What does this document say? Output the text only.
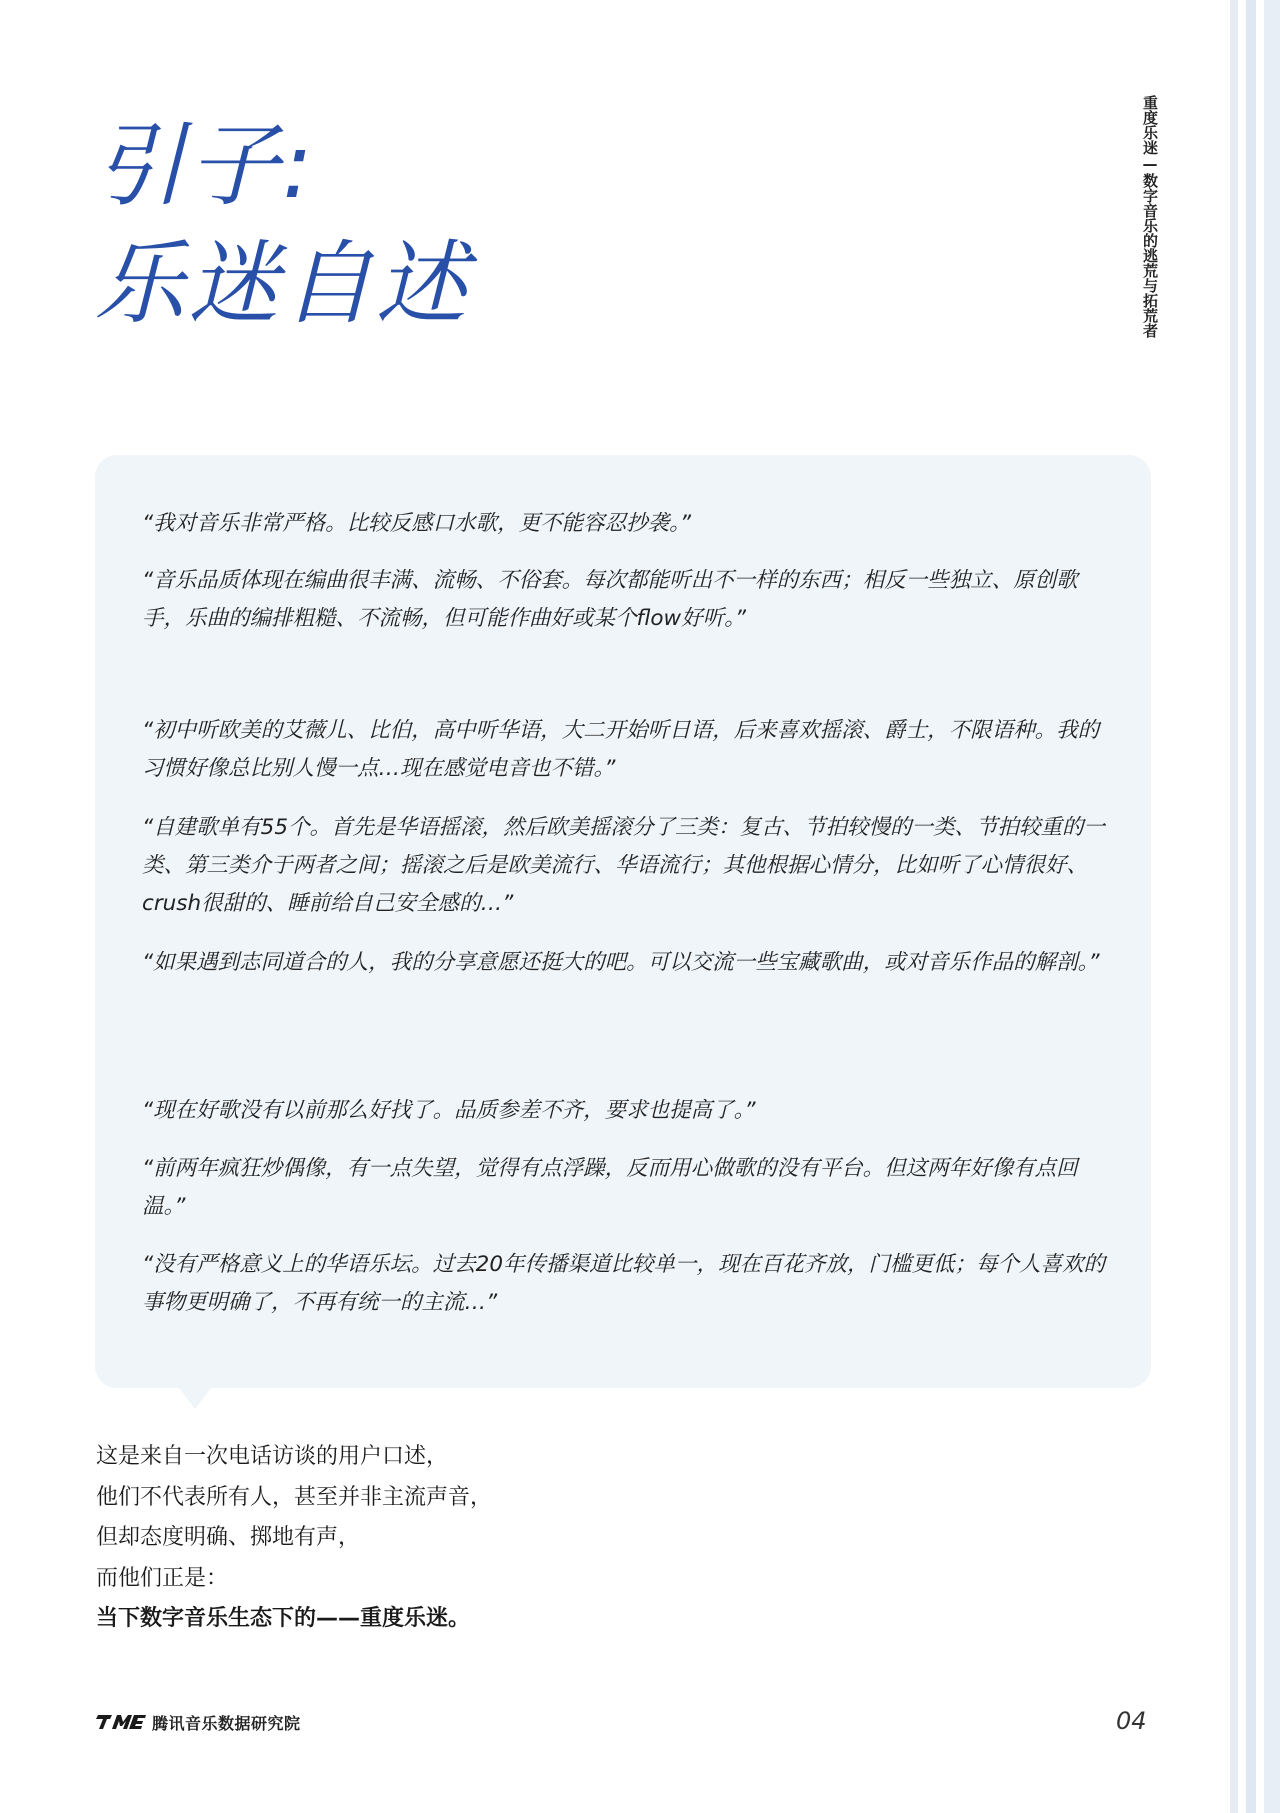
重度乐迷—数字音乐的逃荒与拓荒者
引子:
乐迷自述

“我对音乐非常严格。比较反感口水歌，更不能容忍抄袭。”

“音乐品质体现在编曲很丰满、流畅、不俗套。每次都能听出不一样的东西；相反一些独立、原创歌手，乐曲的编排粗糙、不流畅，但可能作曲好或某个flow好听。”

“初中听欧美的艾薇儿、比伯，高中听华语，大二开始听日语，后来喜欢摇滚、爵士，不限语种。我的习惯好像总比别人慢一点…现在感觉电音也不错。”

“自建歌单有55个。首先是华语摇滚，然后欧美摇滚分了三类：复古、节拍较慢的一类、节拍较重的一类、第三类介于两者之间；摇滚之后是欧美流行、华语流行；其他根据心情分，比如听了心情很好、crush很甜的、睡前给自己安全感的…”

“如果遇到志同道合的人，我的分享意愿还挺大的吧。可以交流一些宝藏歌曲，或对音乐作品的解剖。”

“现在好歌没有以前那么好找了。品质参差不齐，要求也提高了。”

“前两年疯狂炒偶像，有一点失望，觉得有点浮躁，反而用心做歌的没有平台。但这两年好像有点回温。”

“没有严格意义上的华语乐坛。过去20年传播渠道比较单一，现在百花齐放，门槛更低；每个人喜欢的事物更明确了，不再有统一的主流…”

这是来自一次电话访谈的用户口述，
他们不代表所有人，甚至并非主流声音，
但却态度明确、掷地有声，
而他们正是：
当下数字音乐生态下的——重度乐迷。
腾讯音乐数据研究院	04
